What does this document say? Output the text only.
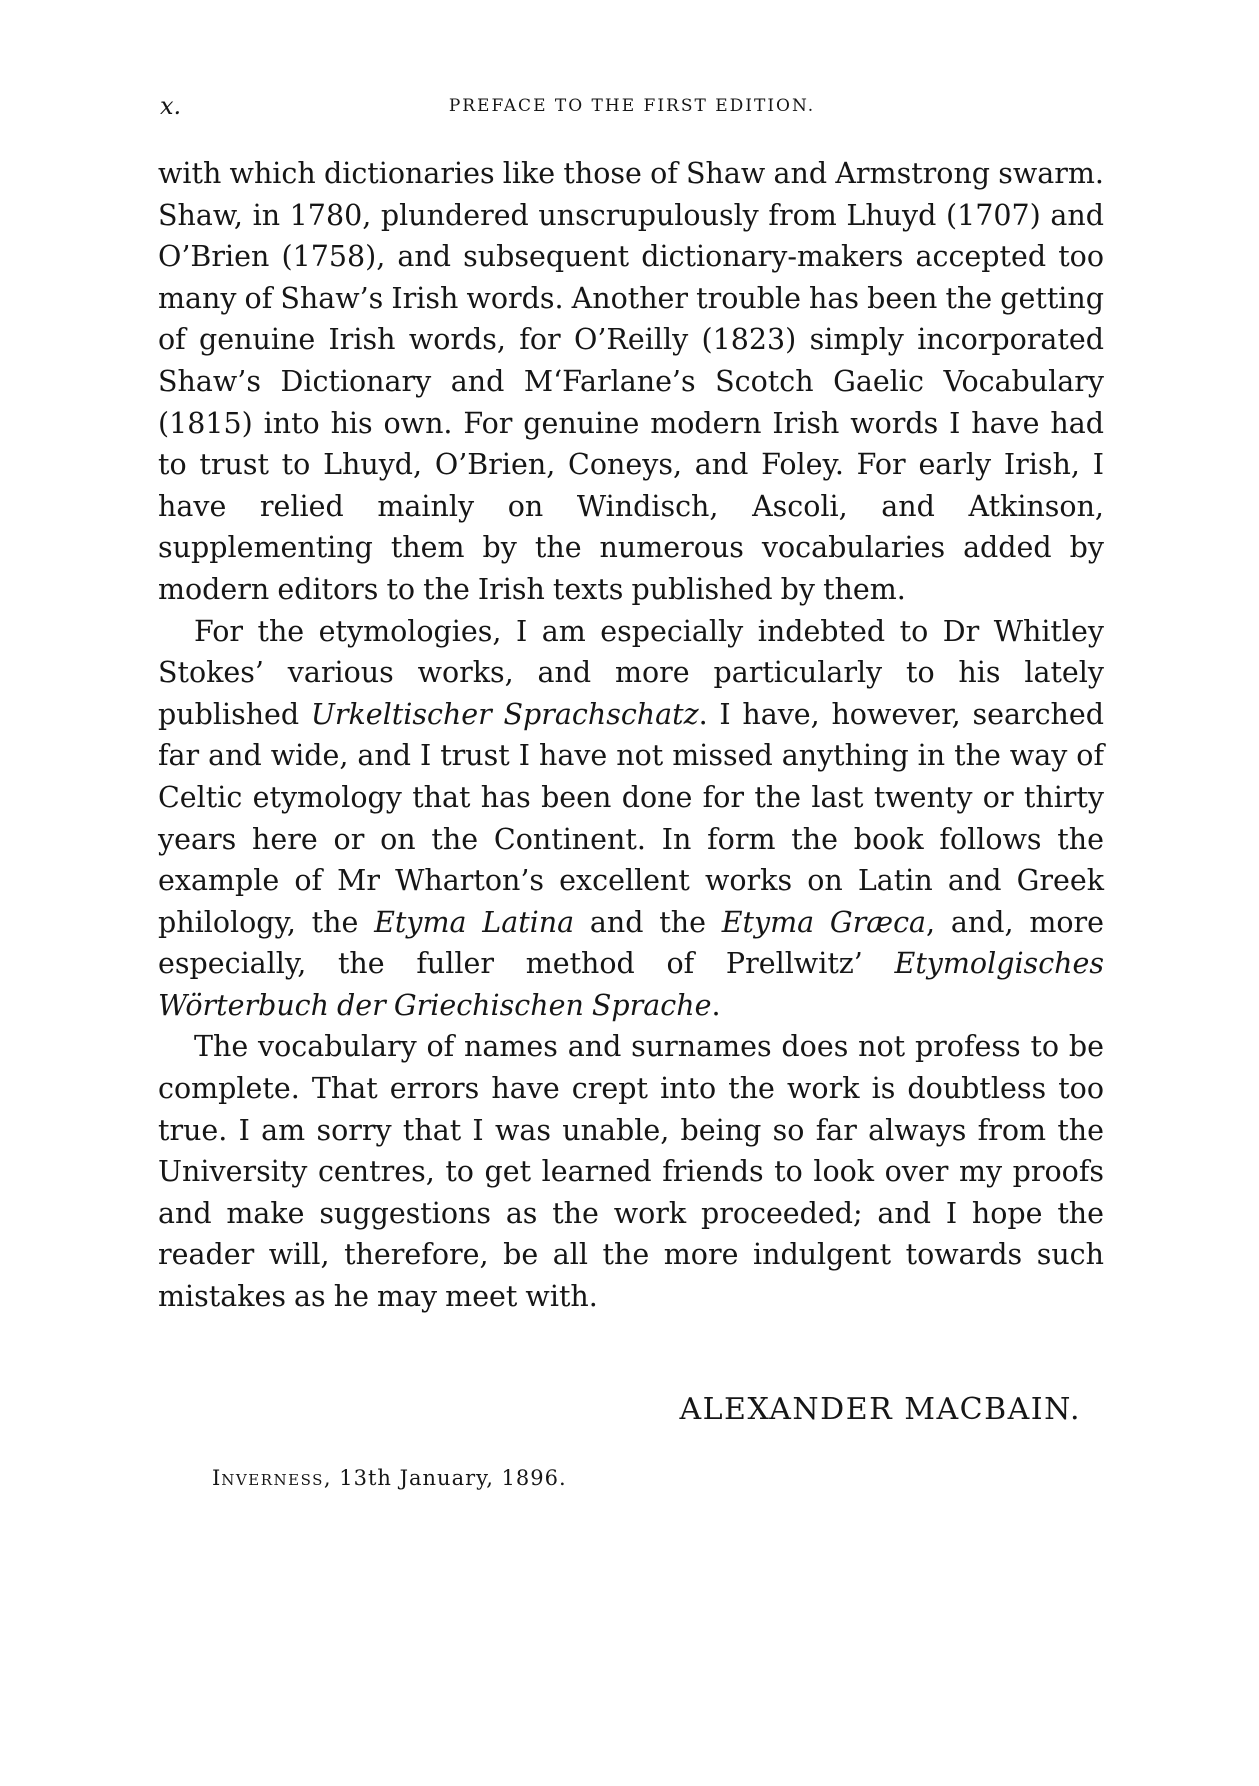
x.	PREFACE TO THE FIRST EDITION.

with which dictionaries like those of Shaw and Armstrong swarm. Shaw, in 1780, plundered unscrupulously from Lhuyd (1707) and O’Brien (1758), and subsequent dictionary-makers accepted too many of Shaw’s Irish words. Another trouble has been the getting of genuine Irish words, for O’Reilly (1823) simply incorporated Shaw’s Dictionary and M‘Farlane’s Scotch Gaelic Vocabulary (1815) into his own. For genuine modern Irish words I have had to trust to Lhuyd, O’Brien, Coneys, and Foley. For early Irish, I have relied mainly on Windisch, Ascoli, and Atkinson, supplementing them by the numerous vocabularies added by modern editors to the Irish texts published by them.

For the etymologies, I am especially indebted to Dr Whitley Stokes’ various works, and more particularly to his lately published Urkeltischer Sprachschatz. I have, however, searched far and wide, and I trust I have not missed anything in the way of Celtic etymology that has been done for the last twenty or thirty years here or on the Continent. In form the book follows the example of Mr Wharton’s excellent works on Latin and Greek philology, the Etyma Latina and the Etyma Græca, and, more especially, the fuller method of Prellwitz’ Etymolgisches Wörterbuch der Griechischen Sprache.

The vocabulary of names and surnames does not profess to be complete. That errors have crept into the work is doubtless too true. I am sorry that I was unable, being so far always from the University centres, to get learned friends to look over my proofs and make suggestions as the work proceeded; and I hope the reader will, therefore, be all the more indulgent towards such mistakes as he may meet with.

ALEXANDER MACBAIN.
INVERNESS, 13th January, 1896.
